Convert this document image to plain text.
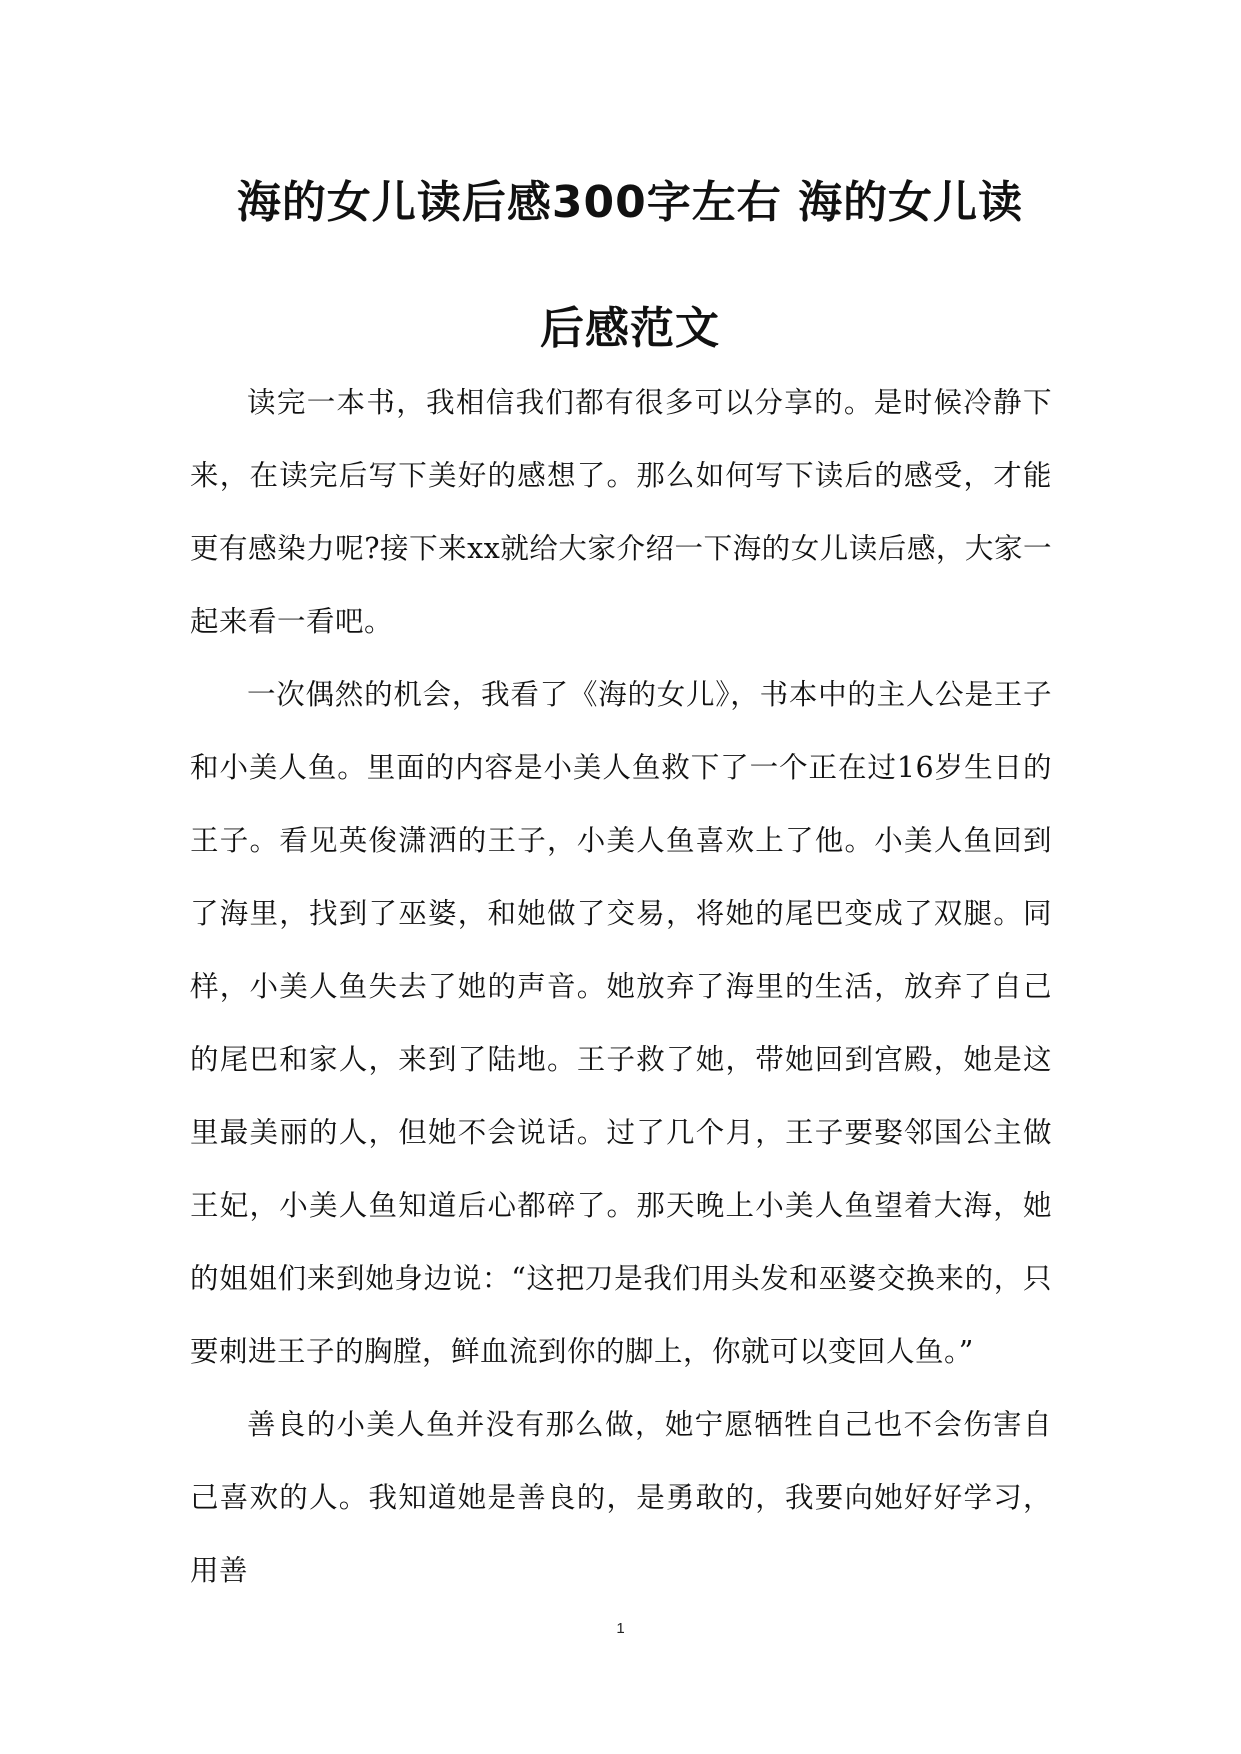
海的女儿读后感300字左右 海的女儿读
后感范文

读完一本书，我相信我们都有很多可以分享的。是时候冷静下来，在读完后写下美好的感想了。那么如何写下读后的感受，才能更有感染力呢?接下来xx就给大家介绍一下海的女儿读后感，大家一起来看一看吧。

一次偶然的机会，我看了《海的女儿》，书本中的主人公是王子和小美人鱼。里面的内容是小美人鱼救下了一个正在过16岁生日的王子。看见英俊潇洒的王子，小美人鱼喜欢上了他。小美人鱼回到了海里，找到了巫婆，和她做了交易，将她的尾巴变成了双腿。同样，小美人鱼失去了她的声音。她放弃了海里的生活，放弃了自己的尾巴和家人，来到了陆地。王子救了她，带她回到宫殿，她是这里最美丽的人，但她不会说话。过了几个月，王子要娶邻国公主做王妃，小美人鱼知道后心都碎了。那天晚上小美人鱼望着大海，她的姐姐们来到她身边说：“这把刀是我们用头发和巫婆交换来的，只要刺进王子的胸膛，鲜血流到你的脚上，你就可以变回人鱼。”

善良的小美人鱼并没有那么做，她宁愿牺牲自己也不会伤害自己喜欢的人。我知道她是善良的，是勇敢的，我要向她好好学习，用善

1
